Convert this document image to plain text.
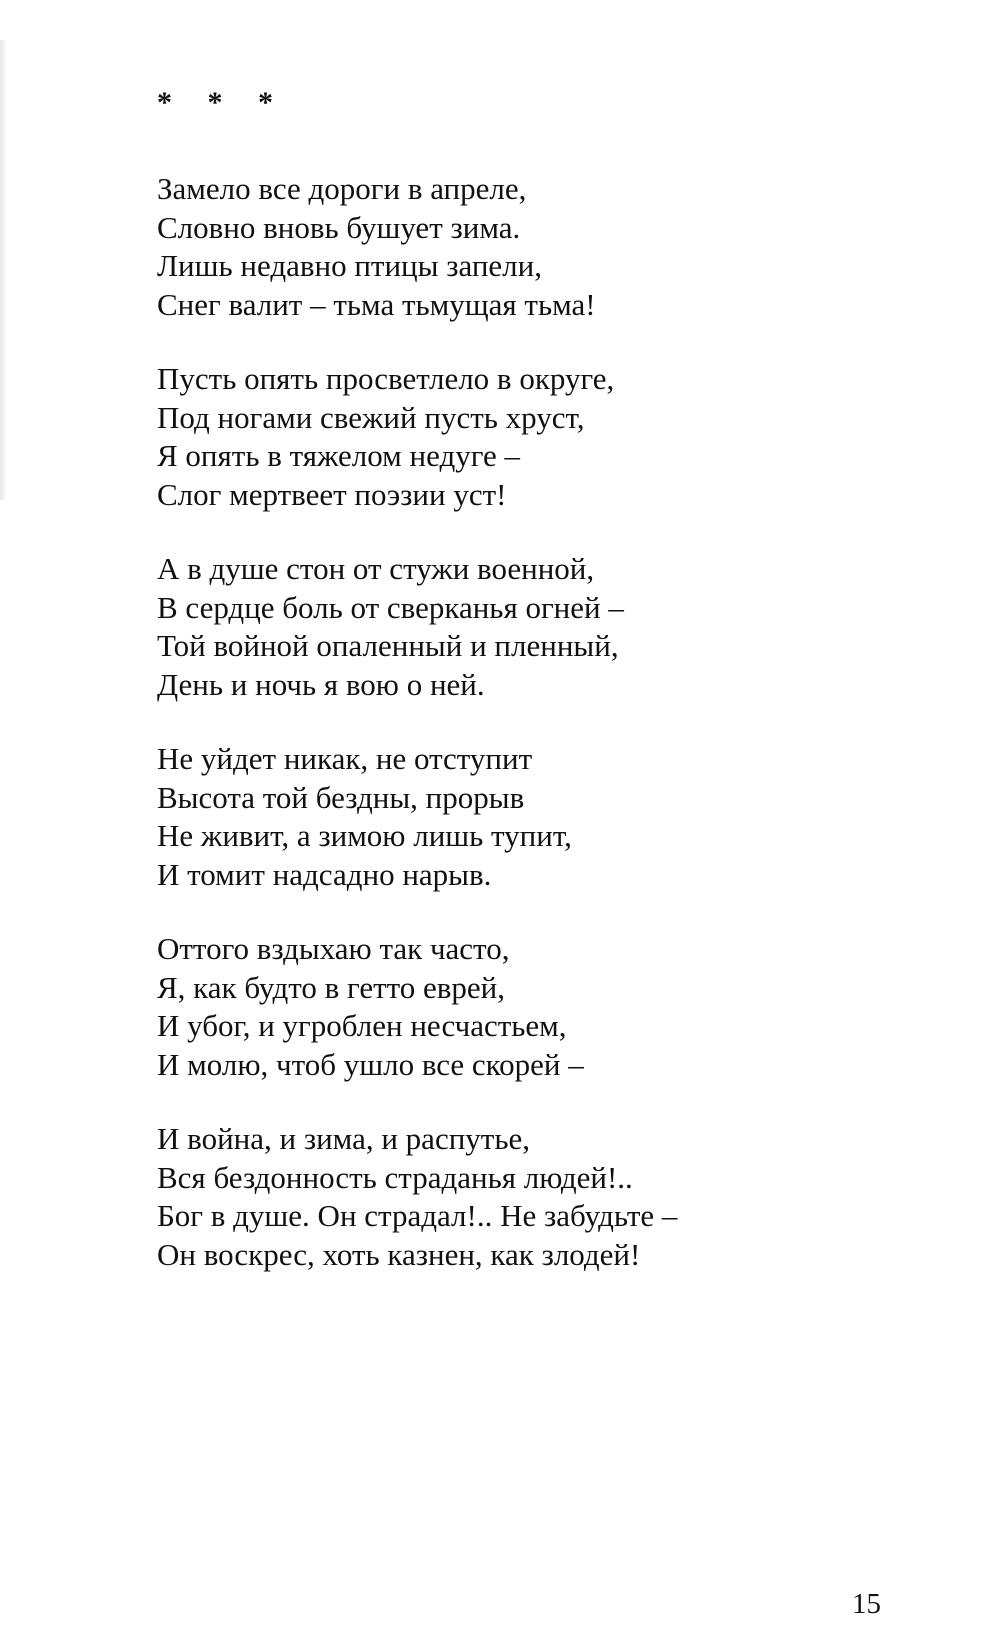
* * *
Замело все дороги в апреле,
Словно вновь бушует зима.
Лишь недавно птицы запели,
Снег валит – тьма тьмущая тьма!
Пусть опять просветлело в округе,
Под ногами свежий пусть хруст,
Я опять в тяжелом недуге –
Слог мертвеет поэзии уст!
А в душе стон от стужи военной,
В сердце боль от сверканья огней –
Той войной опаленный и пленный,
День и ночь я вою о ней.
Не уйдет никак, не отступит
Высота той бездны, прорыв
Не живит, а зимою лишь тупит,
И томит надсадно нарыв.
Оттого вздыхаю так часто,
Я, как будто в гетто еврей,
И убог, и угроблен несчастьем,
И молю, чтоб ушло все скорей –
И война, и зима, и распутье,
Вся бездонность страданья людей!..
Бог в душе. Он страдал!.. Не забудьте –
Он воскрес, хоть казнен, как злодей!
15
